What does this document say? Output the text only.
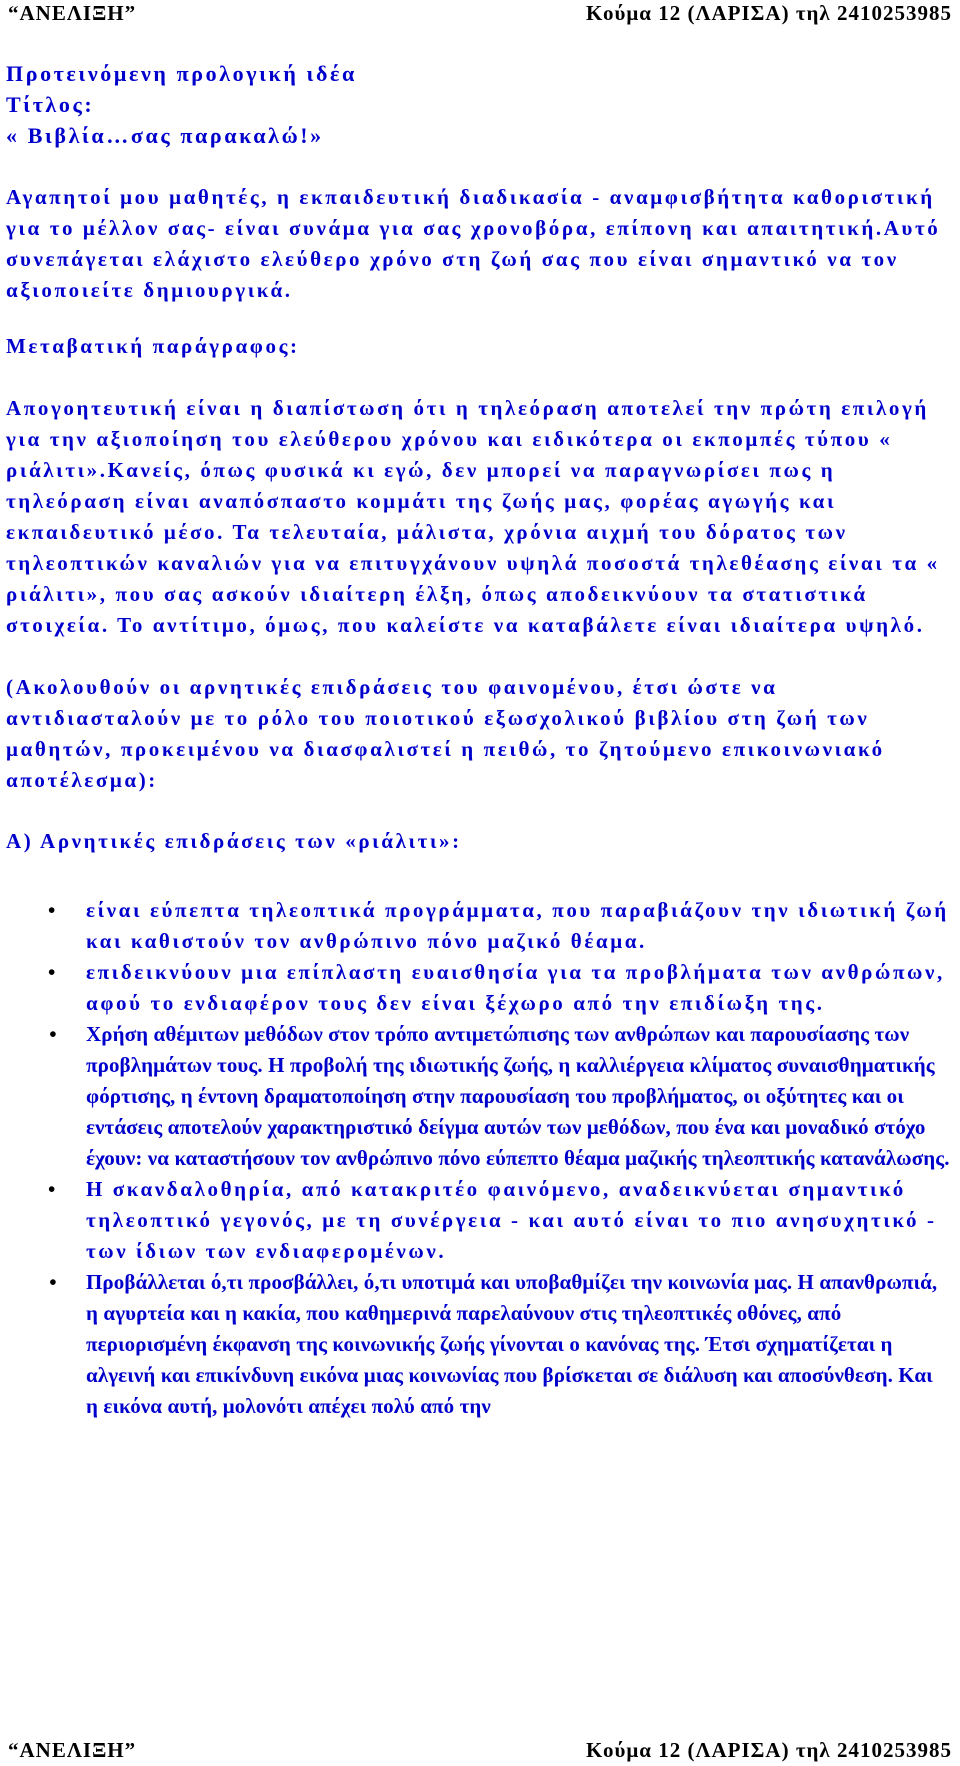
“ΑΝΕΛΙΞΗ”	Κούμα 12 (ΛΑΡΙΣΑ) τηλ 2410253985
Προτεινόμενη προλογική ιδέα
Τίτλος:
« Βιβλία…σας παρακαλώ!»

Αγαπητοί μου μαθητές, η εκπαιδευτική διαδικασία - αναμφισβήτητα καθοριστική για το μέλλον σας- είναι συνάμα για σας χρονοβόρα, επίπονη και απαιτητική.Αυτό συνεπάγεται ελάχιστο ελεύθερο χρόνο στη ζωή σας που είναι σημαντικό να τον αξιοποιείτε δημιουργικά.

Μεταβατική παράγραφος:

Απογοητευτική είναι η διαπίστωση ότι η τηλεόραση αποτελεί την πρώτη επιλογή για την αξιοποίηση του ελεύθερου χρόνου και ειδικότερα οι εκπομπές τύπου « ριάλιτι».Κανείς, όπως φυσικά κι εγώ, δεν μπορεί να παραγνωρίσει πως η τηλεόραση είναι αναπόσπαστο κομμάτι της ζωής μας, φορέας αγωγής και εκπαιδευτικό μέσο. Τα τελευταία, μάλιστα, χρόνια αιχμή του δόρατος των τηλεοπτικών καναλιών για να επιτυγχάνουν υψηλά ποσοστά τηλεθέασης είναι τα « ριάλιτι», που σας ασκούν ιδιαίτερη έλξη, όπως αποδεικνύουν τα στατιστικά στοιχεία. Το αντίτιμο, όμως, που καλείστε να καταβάλετε είναι ιδιαίτερα υψηλό.

(Ακολουθούν οι αρνητικές επιδράσεις του φαινομένου, έτσι ώστε να αντιδιασταλούν με το ρόλο του ποιοτικού εξωσχολικού βιβλίου στη ζωή των μαθητών, προκειμένου να διασφαλιστεί η πειθώ, το ζητούμενο επικοινωνιακό αποτέλεσμα):

Α) Αρνητικές επιδράσεις των «ριάλιτι»:
• είναι εύπεπτα τηλεοπτικά προγράμματα, που παραβιάζουν την ιδιωτική ζωή και καθιστούν τον ανθρώπινο πόνο μαζικό θέαμα.
• επιδεικνύουν μια επίπλαστη ευαισθησία για τα προβλήματα των ανθρώπων, αφού το ενδιαφέρον τους δεν είναι ξέχωρο από την επιδίωξη της.
• Χρήση αθέμιτων μεθόδων στον τρόπο αντιμετώπισης των ανθρώπων και παρουσίασης των προβλημάτων τους. Η προβολή της ιδιωτικής ζωής, η καλλιέργεια κλίματος συναισθηματικής φόρτισης, η έντονη δραματοποίηση στην παρουσίαση του προβλήματος, οι οξύτητες και οι εντάσεις αποτελούν χαρακτηριστικό δείγμα αυτών των μεθόδων, που ένα και μοναδικό στόχο έχουν: να καταστήσουν τον ανθρώπινο πόνο εύπεπτο θέαμα μαζικής τηλεοπτικής κατανάλωσης.
• Η σκανδαλοθηρία, από κατακριτέο φαινόμενο, αναδεικνύεται σημαντικό τηλεοπτικό γεγονός, με τη συνέργεια - και αυτό είναι το πιο ανησυχητικό - των ίδιων των ενδιαφερομένων.
• Προβάλλεται ό,τι προσβάλλει, ό,τι υποτιμά και υποβαθμίζει την κοινωνία μας. Η απανθρωπιά, η αγυρτεία και η κακία, που καθημερινά παρελαύνουν στις τηλεοπτικές οθόνες, από περιορισμένη έκφανση της κοινωνικής ζωής γίνονται ο κανόνας της. Έτσι σχηματίζεται η αλγεινή και επικίνδυνη εικόνα μιας κοινωνίας που βρίσκεται σε διάλυση και αποσύνθεση. Και η εικόνα αυτή, μολονότι απέχει πολύ από την
“ΑΝΕΛΙΞΗ”	Κούμα 12 (ΛΑΡΙΣΑ) τηλ 2410253985
